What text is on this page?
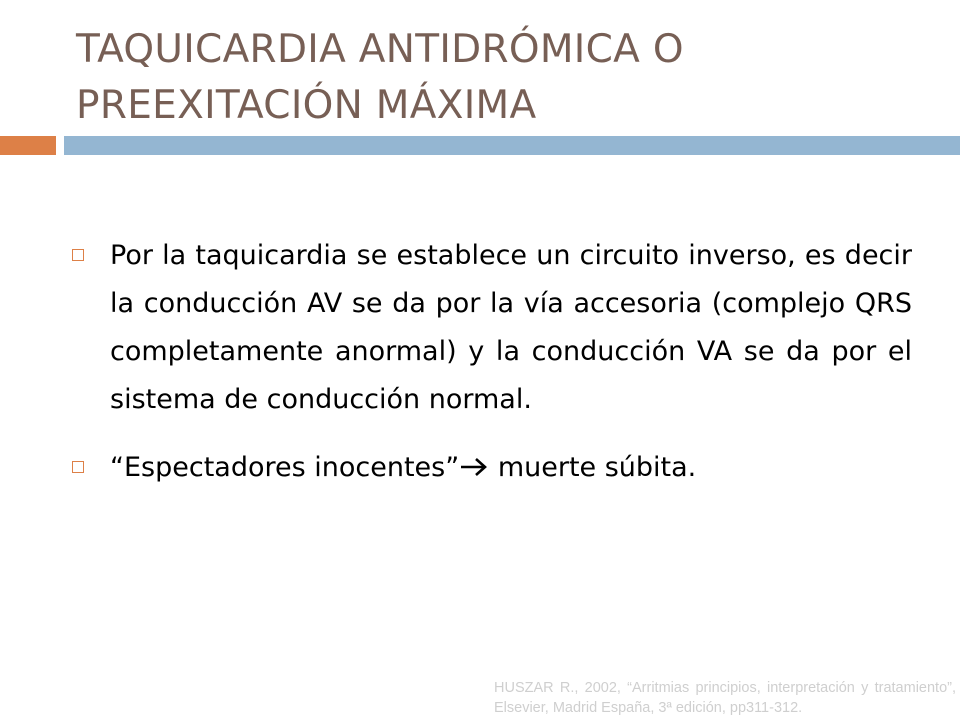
TAQUICARDIA ANTIDRÓMICA O PREEXITACIÓN MÁXIMA
Por la taquicardia se establece un circuito inverso, es decir la conducción AV se da por la vía accesoria (complejo QRS completamente anormal) y la conducción VA se da por el sistema de conducción normal.
“Espectadores inocentes” muerte súbita.
HUSZAR R., 2002, “Arritmias principios, interpretación y tratamiento”, Elsevier, Madrid España, 3ª edición, pp311-312.
